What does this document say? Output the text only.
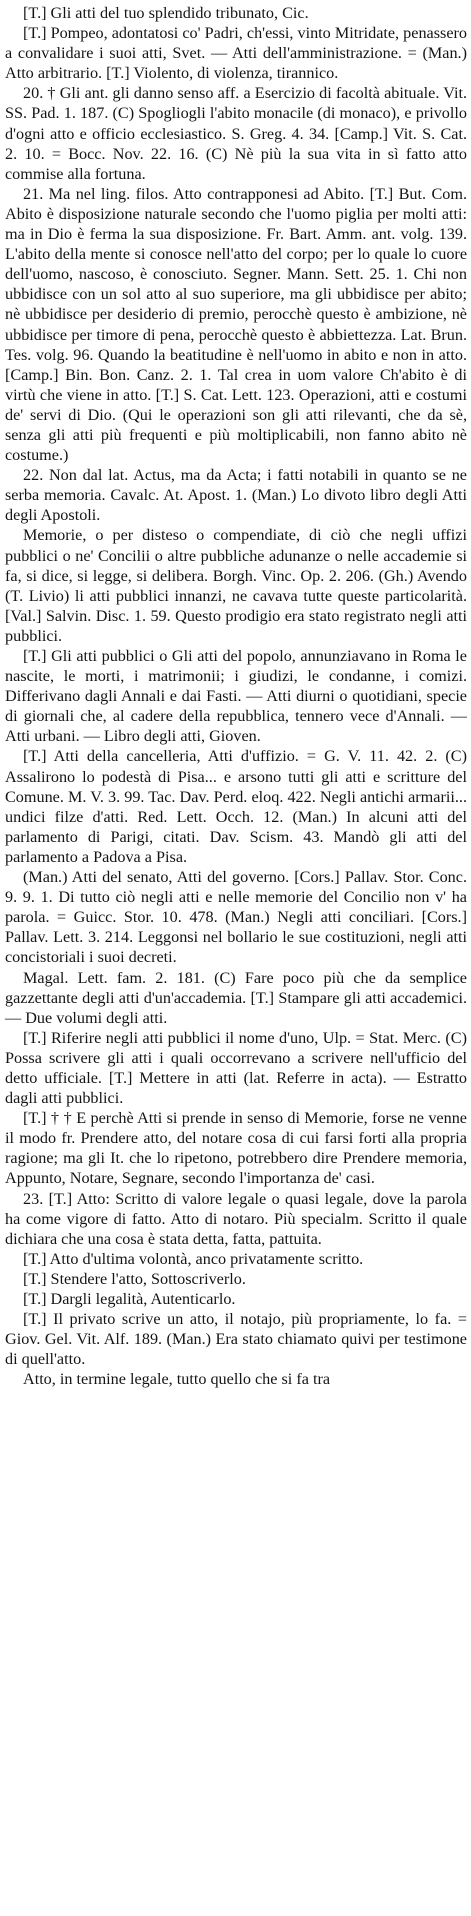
[T.] Gli atti del tuo splendido tribunato, Cic.

[T.] Pompeo, adontatosi co' Padri, ch'essi, vinto Mitridate, penassero a convalidare i suoi atti, Svet. — Atti dell'amministrazione. = (Man.) Atto arbitrario. [T.] Violento, di violenza, tirannico.

20. † Gli ant. gli danno senso aff. a Esercizio di facoltà abituale. Vit. SS. Pad. 1. 187. (C) Spogliogli l'abito monacile (di monaco), e privollo d'ogni atto e officio ecclesiastico. S. Greg. 4. 34. [Camp.] Vit. S. Cat. 2. 10. = Bocc. Nov. 22. 16. (C) Nè più la sua vita in sì fatto atto commise alla fortuna.

21. Ma nel ling. filos. Atto contrapponesi ad Abito. [T.] But. Com. Abito è disposizione naturale secondo che l'uomo piglia per molti atti: ma in Dio è ferma la sua disposizione. Fr. Bart. Amm. ant. volg. 139. L'abito della mente si conosce nell'atto del corpo; per lo quale lo cuore dell'uomo, nascoso, è conosciuto. Segner. Mann. Sett. 25. 1. Chi non ubbidisce con un sol atto al suo superiore, ma gli ubbidisce per abito; nè ubbidisce per desiderio di premio, perocchè questo è ambizione, nè ubbidisce per timore di pena, perocchè questo è abbiettezza. Lat. Brun. Tes. volg. 96. Quando la beatitudine è nell'uomo in abito e non in atto. [Camp.] Bin. Bon. Canz. 2. 1. Tal crea in uom valore Ch'abito è di virtù che viene in atto. [T.] S. Cat. Lett. 123. Operazioni, atti e costumi de' servi di Dio. (Qui le operazioni son gli atti rilevanti, che da sè, senza gli atti più frequenti e più moltiplicabili, non fanno abito nè costume.)

22. Non dal lat. Actus, ma da Acta; i fatti notabili in quanto se ne serba memoria. Cavalc. At. Apost. 1. (Man.) Lo divoto libro degli Atti degli Apostoli.

Memorie, o per disteso o compendiate, di ciò che negli uffizi pubblici o ne' Concilii o altre pubbliche adunanze o nelle accademie si fa, si dice, si legge, si delibera. Borgh. Vinc. Op. 2. 206. (Gh.) Avendo (T. Livio) li atti pubblici innanzi, ne cavava tutte queste particolarità. [Val.] Salvin. Disc. 1. 59. Questo prodigio era stato registrato negli atti pubblici.

[T.] Gli atti pubblici o Gli atti del popolo, annunziavano in Roma le nascite, le morti, i matrimonii; i giudizi, le condanne, i comizi. Differivano dagli Annali e dai Fasti. — Atti diurni o quotidiani, specie di giornali che, al cadere della repubblica, tennero vece d'Annali. — Atti urbani. — Libro degli atti, Gioven.

[T.] Atti della cancelleria, Atti d'uffizio. = G. V. 11. 42. 2. (C) Assalirono lo podestà di Pisa... e arsono tutti gli atti e scritture del Comune. M. V. 3. 99. Tac. Dav. Perd. eloq. 422. Negli antichi armarii... undici filze d'atti. Red. Lett. Occh. 12. (Man.) In alcuni atti del parlamento di Parigi, citati. Dav. Scism. 43. Mandò gli atti del parlamento a Padova a Pisa.

(Man.) Atti del senato, Atti del governo. [Cors.] Pallav. Stor. Conc. 9. 9. 1. Di tutto ciò negli atti e nelle memorie del Concilio non v' ha parola. = Guicc. Stor. 10. 478. (Man.) Negli atti conciliari. [Cors.] Pallav. Lett. 3. 214. Leggonsi nel bollario le sue costituzioni, negli atti concistoriali i suoi decreti.

Magal. Lett. fam. 2. 181. (C) Fare poco più che da semplice gazzettante degli atti d'un'accademia. [T.] Stampare gli atti accademici. — Due volumi degli atti.

[T.] Riferire negli atti pubblici il nome d'uno, Ulp. = Stat. Merc. (C) Possa scrivere gli atti i quali occorrevano a scrivere nell'ufficio del detto ufficiale. [T.] Mettere in atti (lat. Referre in acta). — Estratto dagli atti pubblici.

[T.] † † E perchè Atti si prende in senso di Memorie, forse ne venne il modo fr. Prendere atto, del notare cosa di cui farsi forti alla propria ragione; ma gli It. che lo ripetono, potrebbero dire Prendere memoria, Appunto, Notare, Segnare, secondo l'importanza de' casi.

23. [T.] Atto: Scritto di valore legale o quasi legale, dove la parola ha come vigore di fatto. Atto di notaro. Più specialm. Scritto il quale dichiara che una cosa è stata detta, fatta, pattuita.

[T.] Atto d'ultima volontà, anco privatamente scritto.

[T.] Stendere l'atto, Sottoscriverlo.

[T.] Dargli legalità, Autenticarlo.

[T.] Il privato scrive un atto, il notajo, più propriamente, lo fa. = Giov. Gel. Vit. Alf. 189. (Man.) Era stato chiamato quivi per testimone di quell'atto.

Atto, in termine legale, tutto quello che si fa tra
